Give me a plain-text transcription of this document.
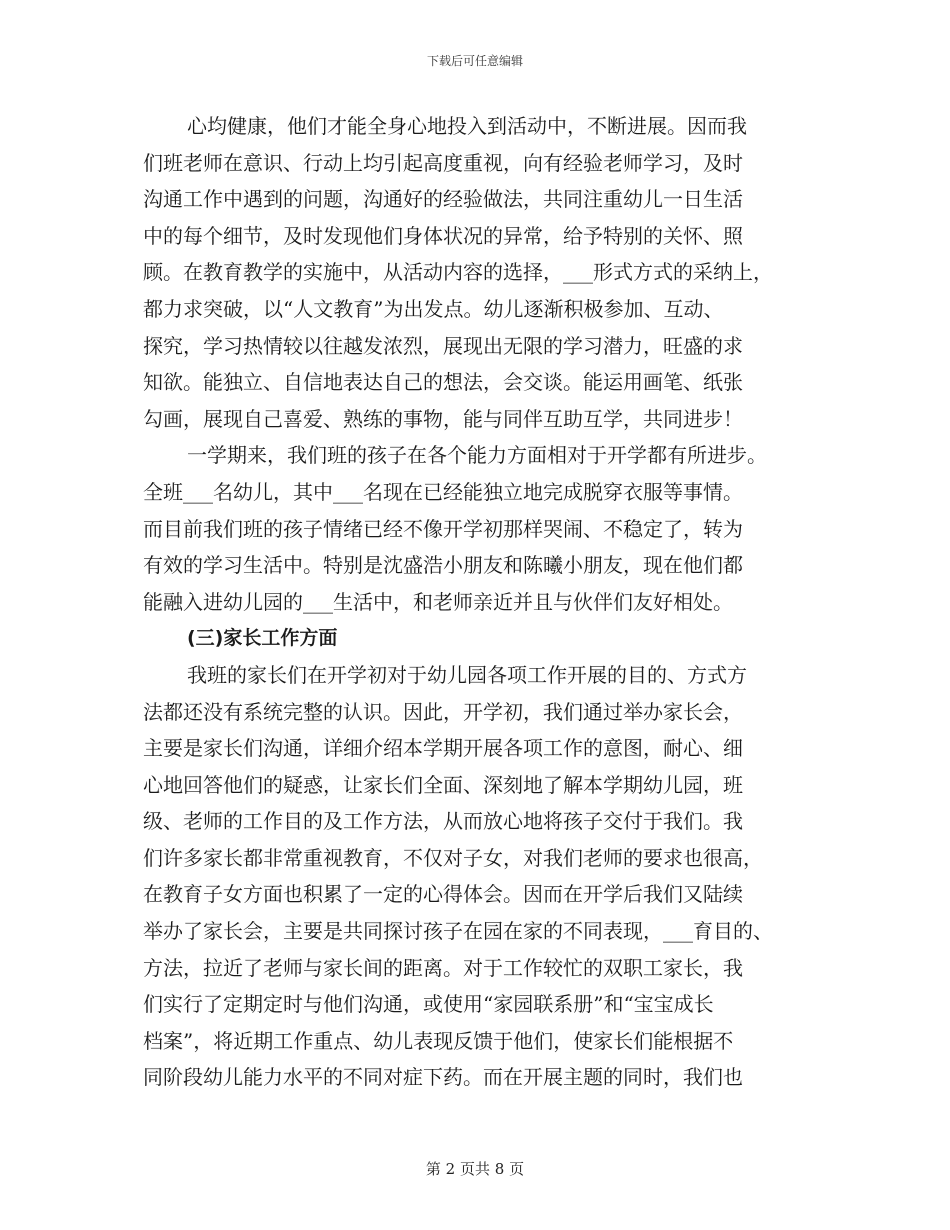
下载后可任意编辑
心均健康，他们才能全身心地投入到活动中，不断进展。因而我
们班老师在意识、行动上均引起高度重视，向有经验老师学习，及时
沟通工作中遇到的问题，沟通好的经验做法，共同注重幼儿一日生活
中的每个细节，及时发现他们身体状况的异常，给予特别的关怀、照
顾。在教育教学的实施中，从活动内容的选择，___形式方式的采纳上，
都力求突破，以“人文教育”为出发点。幼儿逐渐积极参加、互动、
探究，学习热情较以往越发浓烈，展现出无限的学习潜力，旺盛的求
知欲。能独立、自信地表达自己的想法，会交谈。能运用画笔、纸张
勾画，展现自己喜爱、熟练的事物，能与同伴互助互学，共同进步！
一学期来，我们班的孩子在各个能力方面相对于开学都有所进步。
全班___名幼儿，其中___名现在已经能独立地完成脱穿衣服等事情。
而目前我们班的孩子情绪已经不像开学初那样哭闹、不稳定了，转为
有效的学习生活中。特别是沈盛浩小朋友和陈曦小朋友，现在他们都
能融入进幼儿园的___生活中，和老师亲近并且与伙伴们友好相处。
(三)家长工作方面
我班的家长们在开学初对于幼儿园各项工作开展的目的、方式方
法都还没有系统完整的认识。因此，开学初，我们通过举办家长会，
主要是家长们沟通，详细介绍本学期开展各项工作的意图，耐心、细
心地回答他们的疑惑，让家长们全面、深刻地了解本学期幼儿园，班
级、老师的工作目的及工作方法，从而放心地将孩子交付于我们。我
们许多家长都非常重视教育，不仅对子女，对我们老师的要求也很高，
在教育子女方面也积累了一定的心得体会。因而在开学后我们又陆续
举办了家长会，主要是共同探讨孩子在园在家的不同表现，___育目的、
方法，拉近了老师与家长间的距离。对于工作较忙的双职工家长，我
们实行了定期定时与他们沟通，或使用“家园联系册”和“宝宝成长
档案”，将近期工作重点、幼儿表现反馈于他们，使家长们能根据不
同阶段幼儿能力水平的不同对症下药。而在开展主题的同时，我们也
第 2 页共 8 页
